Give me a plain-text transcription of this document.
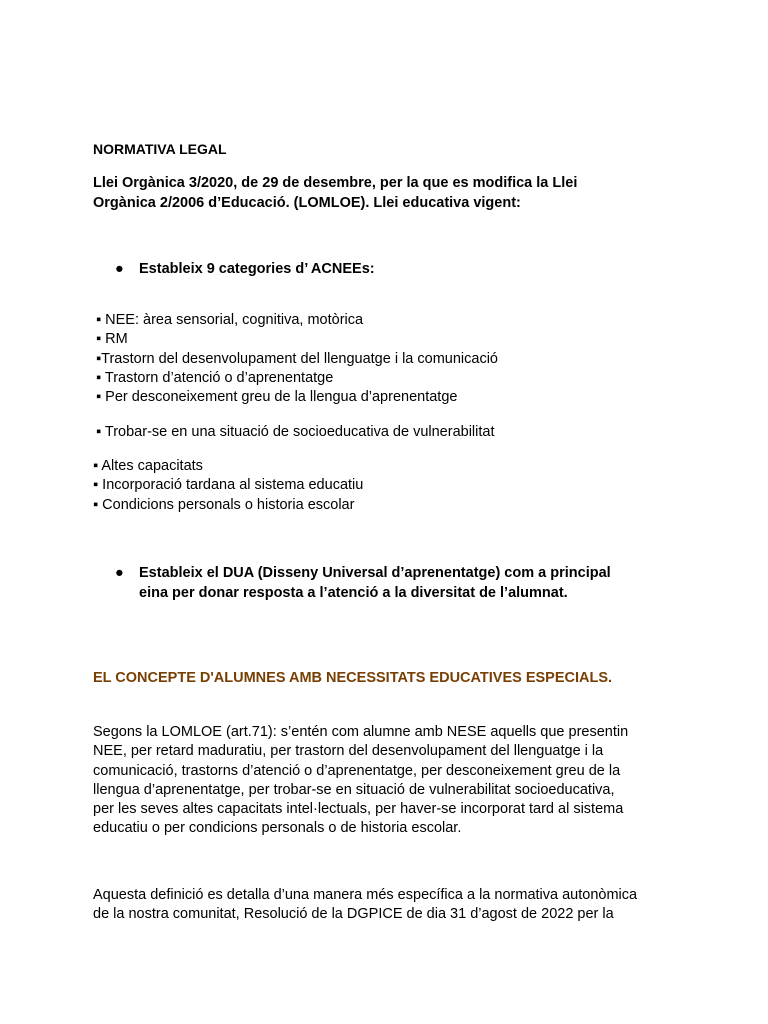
NORMATIVA LEGAL
Llei Orgànica 3/2020, de 29 de desembre, per la que es modifica la Llei
Orgànica 2/2006 d’Educació. (LOMLOE). Llei educativa vigent:
● Estableix 9 categories d’ ACNEEs:
▪ NEE: àrea sensorial, cognitiva, motòrica
▪ RM
▪Trastorn del desenvolupament del llenguatge i la comunicació
▪ Trastorn d’atenció o d’aprenentatge
▪ Per desconeixement greu de la llengua d’aprenentatge
▪ Trobar-se en una situació de socioeducativa de vulnerabilitat
▪ Altes capacitats
▪ Incorporació tardana al sistema educatiu
▪ Condicions personals o historia escolar
● Estableix el DUA (Disseny Universal d’aprenentatge) com a principal
eina per donar resposta a l’atenció a la diversitat de l’alumnat.
EL CONCEPTE D'ALUMNES AMB NECESSITATS EDUCATIVES ESPECIALS.
Segons la LOMLOE (art.71): s’entén com alumne amb NESE aquells que presentin
NEE, per retard maduratiu, per trastorn del desenvolupament del llenguatge i la
comunicació, trastorns d’atenció o d’aprenentatge, per desconeixement greu de la
llengua d’aprenentatge, per trobar-se en situació de vulnerabilitat socioeducativa,
per les seves altes capacitats intel·lectuals, per haver-se incorporat tard al sistema
educatiu o per condicions personals o de historia escolar.
Aquesta definició es detalla d’una manera més específica a la normativa autonòmica
de la nostra comunitat, Resolució de la DGPICE de dia 31 d’agost de 2022 per la
